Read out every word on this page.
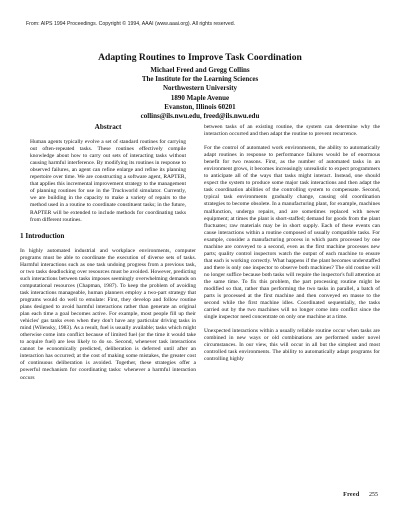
From: AIPS 1994 Proceedings. Copyright © 1994, AAAI (www.aaai.org). All rights reserved.
Adapting Routines to Improve Task Coordination
Michael Freed and Gregg Collins
The Institute for the Learning Sciences
Northwestern University
1890 Maple Avenue
Evanston, Illinois 60201
collins@ils.nwu.edu, freed@ils.nwu.edu
Abstract
Human agents typically evolve a set of standard routines for carrying out often-repeated tasks. These routines effectively compile knowledge about how to carry out sets of interacting tasks without causing harmful interference. By modifying its routines in response to observed failures, an agent can refine enlarge and refine its planning repertoire over time. We are constructing a software agent, RAPTER, that applies this incremental improvement strategy to the management of planning routines for use in the Truckworld simulator. Currently, we are building in the capacity to make a variety of repairs to the method used in a routine to coordinate constituent tasks; in the future, RAPTER will be extended to include methods for coordinating tasks from different routines.
1 Introduction

In highly automated industrial and workplace environments, computer programs must be able to coordinate the execution of diverse sets of tasks. Harmful interactions such as one task undoing progress from a previous task, or two tasks deadlocking over resources must be avoided. However, predicting such interactions between tasks imposes seemingly overwhelming demands on computational resources (Chapman, 1987). To keep the problem of avoiding task interactions manageable, human planners employ a two-part strategy that programs would do well to emulate: First, they develop and follow routine plans designed to avoid harmful interactions rather than generate an original plan each time a goal becomes active. For example, most people fill up their vehicles' gas tanks even when they don't have any particular driving tasks in mind (Wilensky, 1983). As a result, fuel is usually available; tasks which might otherwise come into conflict because of limited fuel (or the time it would take to acquire fuel) are less likely to do so. Second, whenever task interactions cannot be economically predicted, deliberation is deferred until after an interaction has occurred; at the cost of making some mistakes, the greater cost of continuous deliberation is avoided. Together, these strategies offer a powerful mechanism for coordinating tasks: whenever a harmful interaction occurs

between tasks of an existing routine, the system can determine why the interaction occurred and then adapt the routine to prevent recurrence.

For the control of automated work environments, the ability to automatically adapt routines in response to performance failures would be of enormous benefit for two reasons. First, as the number of automated tasks in an environment grows, it becomes increasingly unrealistic to expect programmers to anticipate all of the ways that tasks might interact. Instead, one should expect the system to produce some major task interactions and then adapt the task coordination abilities of the controlling system to compensate. Second, typical task environments gradually change, causing old coordination strategies to become obsolete. In a manufacturing plant, for example, machines malfunction, undergo repairs, and are sometimes replaced with newer equipment; at times the plant is short-staffed; demand for goods from the plant fluctuates; raw materials may be in short supply. Each of these events can cause interactions within a routine composed of usually compatible tasks. For example, consider a manufacturing process in which parts processed by one machine are conveyed to a second, even as the first machine processes new parts; quality control inspectors watch the output of each machine to ensure that each is working correctly. What happens if the plant becomes understaffed and there is only one inspector to observe both machines? The old routine will no longer suffice because both tasks will require the inspector's full attention at the same time. To fix this problem, the part processing routine might be modified so that, rather than performing the two tasks in parallel, a batch of parts is processed at the first machine and then conveyed en masse to the second while the first machine idles. Coordinated sequentially, the tasks carried out by the two machines will no longer come into conflict since the single inspector need concentrate on only one machine at a time.

Unexpected interactions within a usually reliable routine occur when tasks are combined in new ways or old combinations are performed under novel circumstances. In our view, this will occur in all but the simplest and most controlled task environments. The ability to automatically adapt programs for controlling highly

Freed 255
